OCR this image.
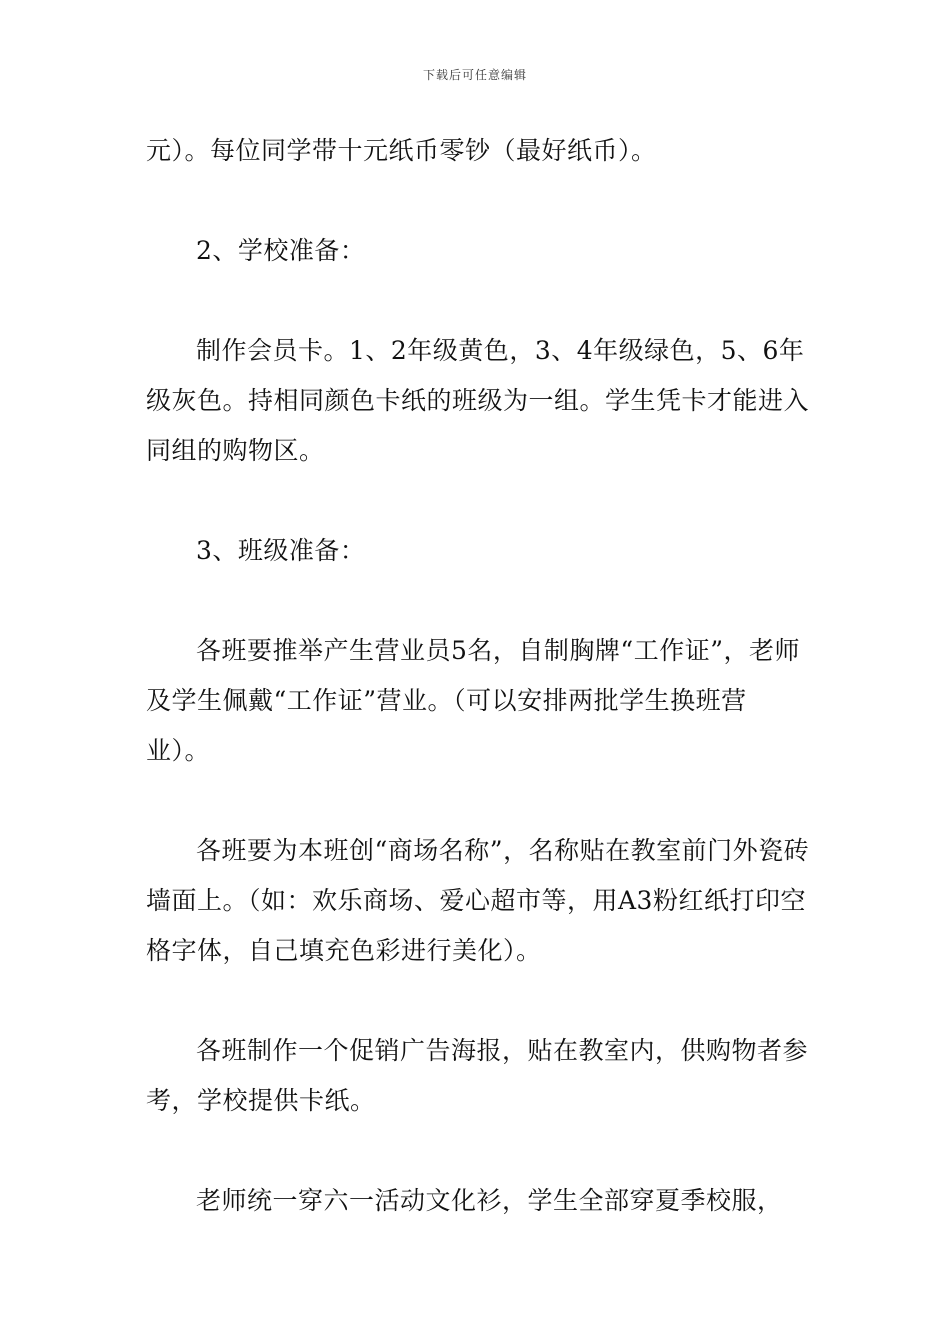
下载后可任意编辑

元）。每位同学带十元纸币零钞（最好纸币）。

2、学校准备：

制作会员卡。1、2年级黄色，3、4年级绿色，5、6年级灰色。持相同颜色卡纸的班级为一组。学生凭卡才能进入同组的购物区。

3、班级准备：

各班要推举产生营业员5名，自制胸牌“工作证”，老师及学生佩戴“工作证”营业。（可以安排两批学生换班营业）。

各班要为本班创“商场名称”，名称贴在教室前门外瓷砖墙面上。（如：欢乐商场、爱心超市等，用A3粉红纸打印空格字体，自己填充色彩进行美化）。

各班制作一个促销广告海报，贴在教室内，供购物者参考，学校提供卡纸。

老师统一穿六一活动文化衫，学生全部穿夏季校服，
